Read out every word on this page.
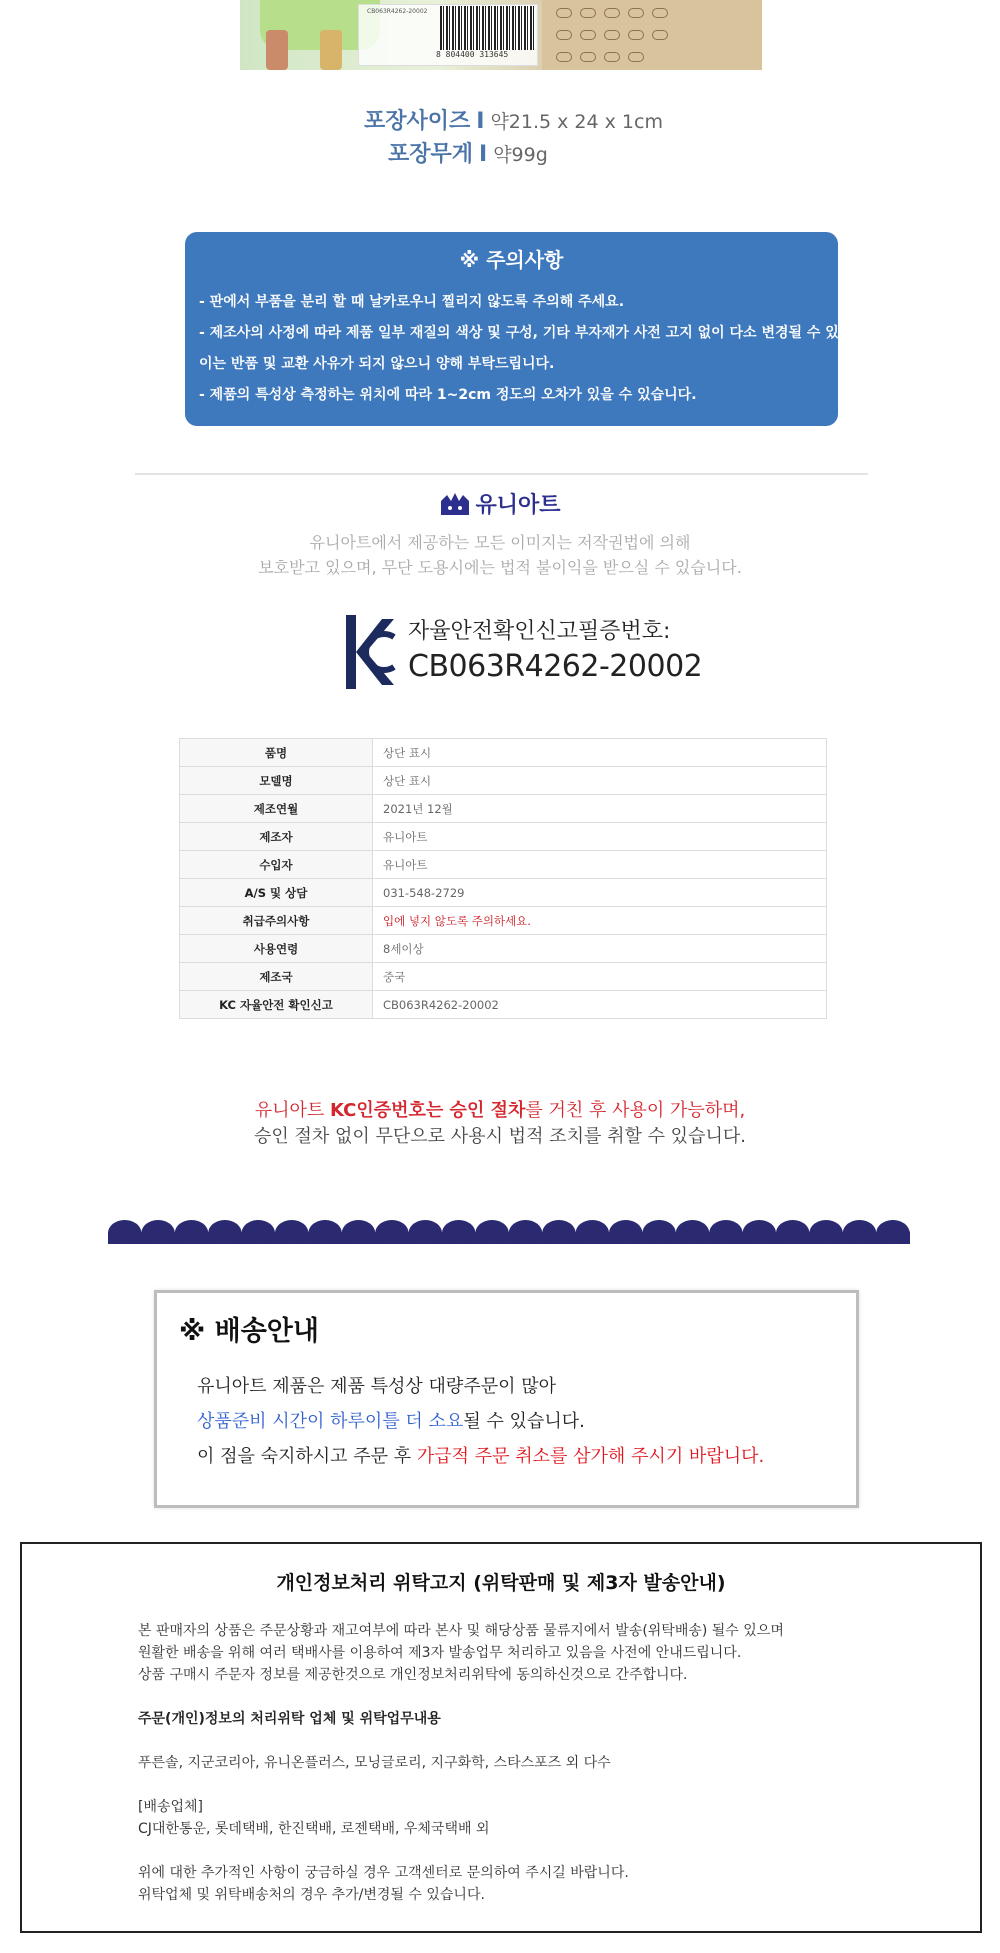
CB063R4262-20002
8 804400 313645
포장사이즈 I 약21.5 x 24 x 1cm
포장무게 I 약99g
※ 주의사항

- 판에서 부품을 분리 할 때 날카로우니 찔리지 않도록 주의해 주세요.

- 제조사의 사정에 따라 제품 일부 재질의 색상 및 구성, 기타 부자재가 사전 고지 없이 다소 변경될 수 있습니다.

이는 반품 및 교환 사유가 되지 않으니 양해 부탁드립니다.

- 제품의 특성상 측정하는 위치에 따라 1~2cm 정도의 오차가 있을 수 있습니다.

유니아트
유니아트에서 제공하는 모든 이미지는 저작권법에 의해
보호받고 있으며, 무단 도용시에는 법적 불이익을 받으실 수 있습니다.
자율안전확인신고필증번호:
CB063R4262-20002
품명	상단 표시
모델명	상단 표시
제조연월	2021년 12월
제조자	유니아트
수입자	유니아트
A/S 및 상담	031-548-2729
취급주의사항	입에 넣지 않도록 주의하세요.
사용연령	8세이상
제조국	중국
KC 자율안전 확인신고	CB063R4262-20002
유니아트 KC인증번호는 승인 절차를 거친 후 사용이 가능하며,
승인 절차 없이 무단으로 사용시 법적 조치를 취할 수 있습니다.
※ 배송안내
유니아트 제품은 제품 특성상 대량주문이 많아
상품준비 시간이 하루이틀 더 소요될 수 있습니다.
이 점을 숙지하시고 주문 후 가급적 주문 취소를 삼가해 주시기 바랍니다.
개인정보처리 위탁고지 (위탁판매 및 제3자 발송안내)
본 판매자의 상품은 주문상황과 재고여부에 따라 본사 및 해당상품 물류지에서 발송(위탁배송) 될수 있으며
원활한 배송을 위해 여러 택배사를 이용하여 제3자 발송업무 처리하고 있음을 사전에 안내드립니다.
상품 구매시 주문자 정보를 제공한것으로 개인정보처리위탁에 동의하신것으로 간주합니다.
주문(개인)정보의 처리위탁 업체 및 위탁업무내용
푸른솔, 지군코리아, 유니온플러스, 모닝글로리, 지구화학, 스타스포즈 외 다수
[배송업체]
CJ대한통운, 롯데택배, 한진택배, 로젠택배, 우체국택배 외
위에 대한 추가적인 사항이 궁금하실 경우 고객센터로 문의하여 주시길 바랍니다.
위탁업체 및 위탁배송처의 경우 추가/변경될 수 있습니다.
